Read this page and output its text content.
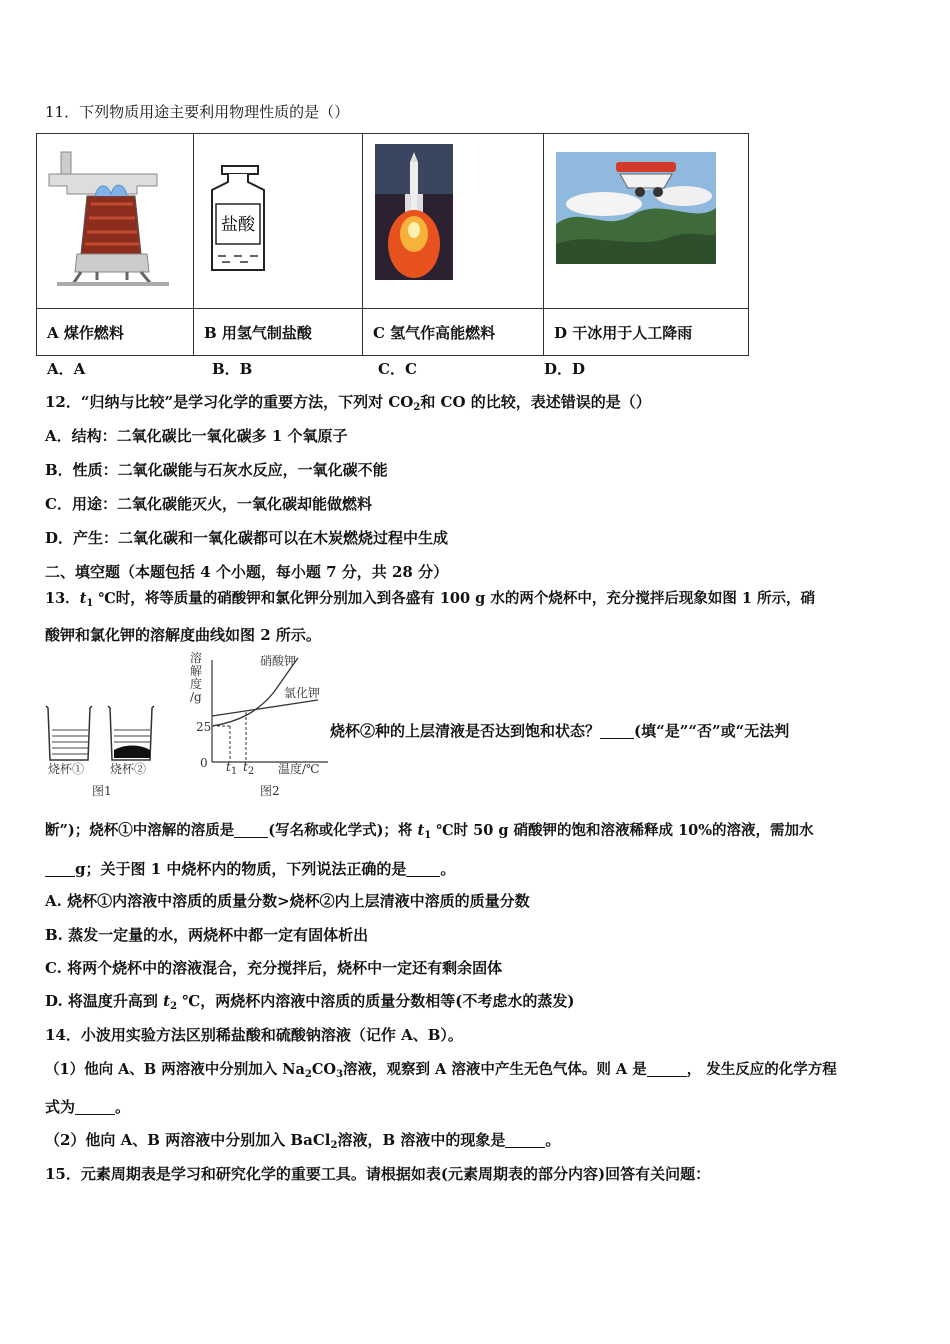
11．下列物质用途主要利用物理性质的是（）

盐酸

A 煤作燃料	B 用氢气制盐酸	C 氢气作高能燃料	D 干冰用于人工降雨
A．A	B．B	C．C	D．D
12．“归纳与比较”是学习化学的重要方法，下列对 $CO_2$和 CO 的比较，表述错误的是（）
A．结构：二氧化碳比一氧化碳多 1 个氧原子
B．性质：二氧化碳能与石灰水反应，一氧化碳不能
C．用途：二氧化碳能灭火，一氧化碳却能做燃料
D．产生：二氧化碳和一氧化碳都可以在木炭燃烧过程中生成
二、填空题（本题包括 4 个小题，每小题 7 分，共 28 分）
13．$t_1$ ℃时，将等质量的硝酸钾和氯化钾分别加入到各盛有 100 g 水的两个烧杯中，充分搅拌后现象如图 1 所示，硝
酸钾和氯化钾的溶解度曲线如图 2 所示。
烧杯① 烧杯②
图1
溶
解
度
/g
25
0 $t_1$ $t_2$ 温度/℃
硝酸钾
氯化钾
图2
烧杯②种的上层清液是否达到饱和状态？ (填“是”“否”或“无法判
断”)；烧杯①中溶解的溶质是 (写名称或化学式)；将 $t_1$ ℃时 50 g 硝酸钾的饱和溶液稀释成 10%的溶液，需加水
g；关于图 1 中烧杯内的物质，下列说法正确的是 。
A. 烧杯①内溶液中溶质的质量分数>烧杯②内上层清液中溶质的质量分数
B. 蒸发一定量的水，两烧杯中都一定有固体析出
C. 将两个烧杯中的溶液混合，充分搅拌后，烧杯中一定还有剩余固体
D. 将温度升高到 $t_2$ ℃，两烧杯内溶液中溶质的质量分数相等(不考虑水的蒸发)
14．小波用实验方法区别稀盐酸和硫酸钠溶液（记作 A、B）。
（1）他向 A、B 两溶液中分别加入 $Na_2CO_3$溶液，观察到 A 溶液中产生无色气体。则 A 是	， 发生反应的化学方程
式为	。
（2）他向 A、B 两溶液中分别加入 BaCl$_2$溶液，B 溶液中的现象是	。
15．元素周期表是学习和研究化学的重要工具。请根据如表(元素周期表的部分内容)回答有关问题：
